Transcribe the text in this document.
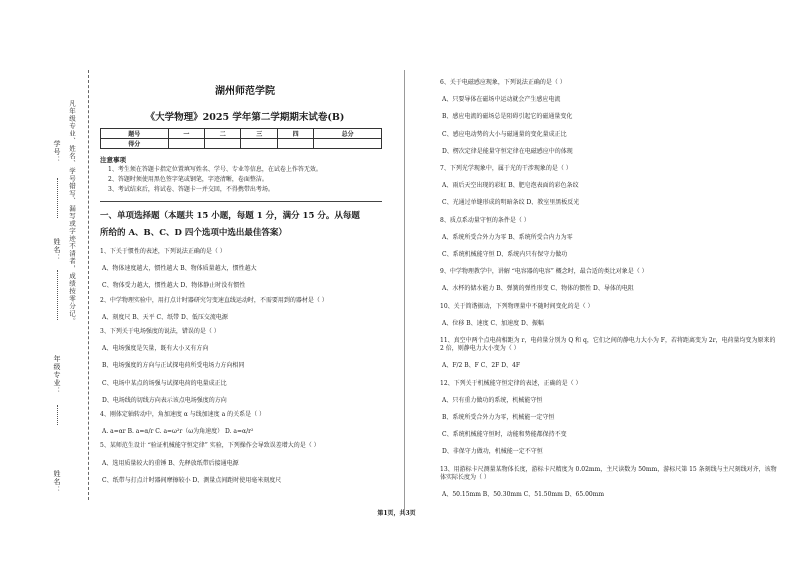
学号：
姓名：
年级专业：
凡年级专业、姓名、学号错写、漏写或字迹不清者，成绩按零分记。
姓名：
湖州师范学院
《大学物理》2025 学年第二学期期末试卷(B)
题号	一	二	三	四	总分
得分					
注意事项
1、考生须在答题卡指定位置填写姓名、学号、专业等信息，在试卷上作答无效。
2、答题时须使用黑色签字笔或钢笔，字迹清晰，卷面整洁。
3、考试结束后，将试卷、答题卡一并交回，不得携带出考场。
一、单项选择题（本题共 15 小题，每题 1 分，满分 15 分。从每题
所给的 A、B、C、D 四个选项中选出最佳答案）
1、下关于惯性的表述，下列说法正确的是（ ）
A、物体速度越大，惯性越大 B、物体质量越大，惯性越大
C、物体受力越大，惯性越大 D、物体静止时没有惯性
2、中学物理实验中，用打点计时器研究匀变速直线运动时，不需要用到的器材是（ ）
A、刻度尺 B、天平 C、纸带 D、低压交流电源
3、下列关于电场强度的说法，错误的是（ ）
A、电场强度是矢量，既有大小又有方向
B、电场强度的方向与正试探电荷所受电场力方向相同
C、电场中某点的场强与试探电荷的电量成正比
D、电场线的切线方向表示该点电场强度的方向
4、刚体定轴转动中，角加速度 α 与线加速度 a 的关系是（ ）
A. a=αr B. a=α/r C. a=ω²r（ω为角速度） D. a=α/r²
5、某师范生设计 “验证机械能守恒定律” 实验，下列操作会导致误差增大的是（ ）
A、选用质量较大的重锤 B、先释放纸带后接通电源
C、纸带与打点计时器间摩擦较小 D、测量点间距时使用毫米刻度尺
6、关于电磁感应现象，下列说法正确的是（ ）
A、只要导体在磁场中运动就会产生感应电流
B、感应电流的磁场总是阻碍引起它的磁通量变化
C、感应电动势的大小与磁通量的变化量成正比
D、楞次定律是能量守恒定律在电磁感应中的体现
7、下列光学现象中，属于光的干涉现象的是（ ）
A、雨后天空出现的彩虹 B、肥皂泡表面的彩色条纹
C、光通过单缝形成的明暗条纹 D、教室里黑板反光
8、质点系动量守恒的条件是（ ）
A、系统所受合外力为零 B、系统所受合内力为零
C、系统机械能守恒 D、系统内只有保守力做功
9、中学物理教学中，讲解 “电容器的电容” 概念时，最合适的类比对象是（ ）
A、水杯的储水能力 B、弹簧的弹性形变 C、物体的惯性 D、导体的电阻
10、关于简谐振动，下列物理量中不随时间变化的是（ ）
A、位移 B、速度 C、加速度 D、振幅
11、真空中两个点电荷相距为 r，电荷量分别为 Q 和 q，它们之间的静电力大小为 F，若将距离变为 2r，电荷量均变为原来的 2 倍，则静电力大小变为（ ）
A、F/2 B、F C、2F D、4F
12、下列关于机械能守恒定律的表述，正确的是（ ）
A、只有重力做功的系统，机械能守恒
B、系统所受合外力为零，机械能一定守恒
C、系统机械能守恒时，动能和势能都保持不变
D、非保守力做功，机械能一定不守恒
13、用游标卡尺测量某物体长度，游标卡尺精度为 0.02mm，主尺读数为 50mm，游标尺第 15 条刻线与主尺刻线对齐，该物体实际长度为（ ）
A、50.15mm B、50.30mm C、51.50mm D、65.00mm
第1页，共3页
